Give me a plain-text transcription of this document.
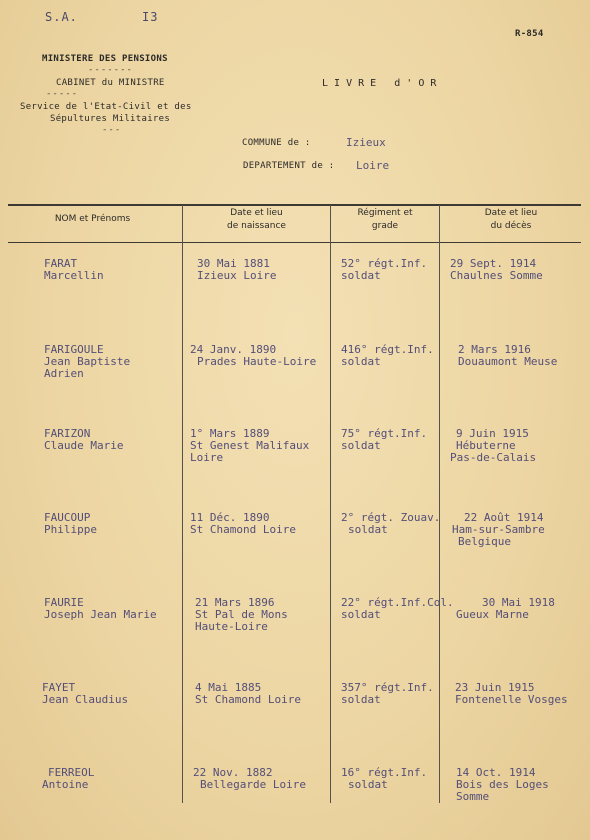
S.A.	I3
R-854
MINISTERE DES PENSIONS
-------
CABINET du MINISTRE
-----
Service de l'Etat-Civil et des
Sépultures Militaires
---
L I V R E   d ' O R
COMMUNE de :	Izieux
DEPARTEMENT de : Loire
NOM et Prénoms
Date et lieu
de naissance
Régiment et
grade
Date et lieu
du décès
FARAT
Marcellin
30 Mai 1881
Izieux Loire
52° régt.Inf.
soldat
29 Sept. 1914
Chaulnes Somme
FARIGOULE
Jean Baptiste
Adrien
24 Janv. 1890
Prades Haute-Loire
416° régt.Inf.
soldat
2 Mars 1916
Douaumont Meuse
FARIZON
Claude Marie
1° Mars 1889
St Genest Malifaux
Loire
75° régt.Inf.
soldat
9 Juin 1915
Hébuterne
Pas-de-Calais
FAUCOUP
Philippe
11 Déc. 1890
St Chamond Loire
2° régt. Zouav.
soldat
22 Août 1914
Ham-sur-Sambre
Belgique
FAURIE
Joseph Jean Marie
21 Mars 1896
St Pal de Mons
Haute-Loire
22° régt.Inf.Col.
soldat
30 Mai 1918
Gueux Marne
FAYET
Jean Claudius
4 Mai 1885
St Chamond Loire
357° régt.Inf.
soldat
23 Juin 1915
Fontenelle Vosges
FERREOL
Antoine
22 Nov. 1882
Bellegarde Loire
16° régt.Inf.
soldat
14 Oct. 1914
Bois des Loges
Somme
